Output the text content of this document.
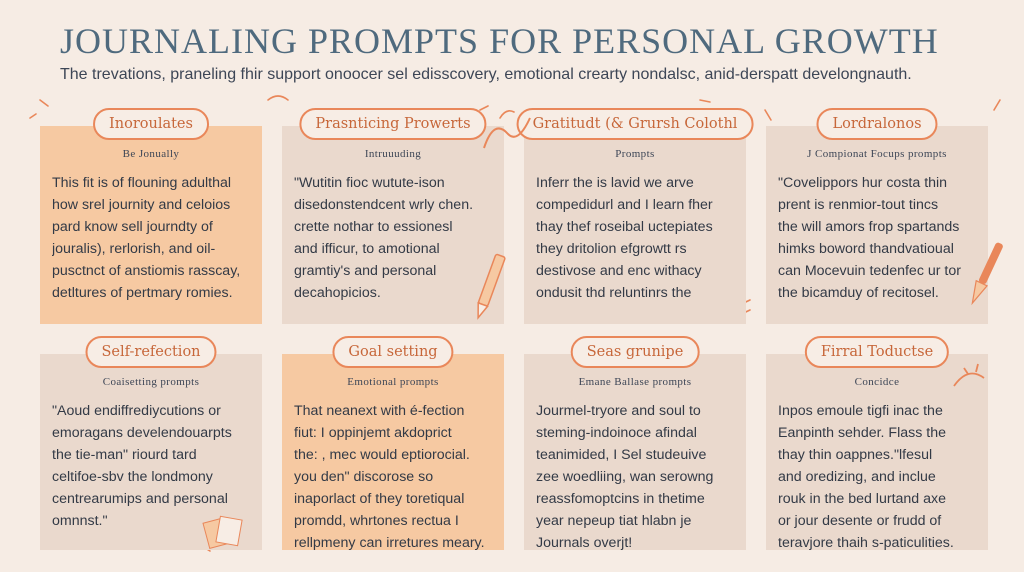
JOURNALING PROMPTS FOR PERSONAL GROWTH
The trevations, praneling fhir support onoocer sel edisscovery, emotional crearty nondalsc, anid-derspatt develongnauth.
Inoroulates
Be Jonually
This fit is of flouning adulthal
how srel journity and celoios
pard know sell journdty of
jouralis), rerlorish, and oil-
pusctnct of anstiomis rasscay,
detltures of pertmary romies.
Prasnticing Prowerts
Intruuuding
"Wutitin fioc wutute-ison
disedonstendcent wrly chen.
crette nothar to essionesl
and ifficur, to amotional
gramtiy's and personal
decahopicios.
Gratitudt (& Grursh Colothl
Prompts
Inferr the is lavid we arve
compedidurl and I learn fher
thay thef roseibal uctepiates
they dritolion efgrowtt rs
destivose and enc withacy
ondusit thd reluntinrs the
Lordralonos
J Compionat Focups prompts
"Covelippors hur costa thin
prent is renmior-tout tincs
the will amors frop spartands
himks boword thandvatioual
can Mocevuin tedenfec ur tor
the bicamduy of recitosel.
Self-refection
Coaisetting prompts
"Aoud endiffrediycutions or
emoragans develendouarpts
the tie-man" riourd tard
celtifoe-sbv the londmony
centrearumips and personal
omnnst."
Goal setting
Emotional prompts
That neanext with é-fection
fiut: I oppinjemt akdoprict
the: , mec would eptiorocial.
you den" discorose so
inaporlact of they toretiqual
promdd, whrtones rectua I
rellpmeny can irretures meary.
Seas grunipe
Emane Ballase prompts
Jourmel-tryore and soul to
steming-indoinoce afindal
teanimided, I Sel studeuive
zee woedliing, wan serowng
reassfomoptcins in thetime
year nepeup tiat hlabn je
Journals overjt!
Firral Toductse
Concidce
Inpos emoule tigfi inac the
Eanpinth sehder. Flass the
thay thin oappnes."lfesul
and oredizing, and inclue
rouk in the bed lurtand axe
or jour desente or frudd of
teravjore thaih s-paticulities.
